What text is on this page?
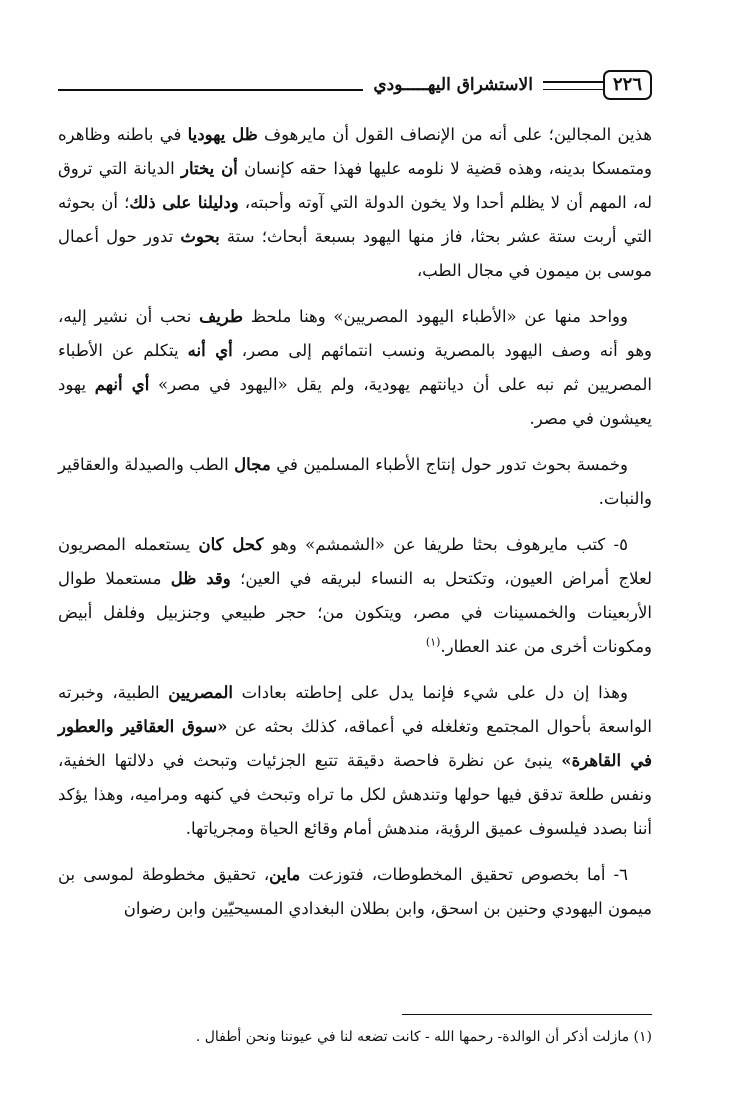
٢٢٦
الاستشراق اليهـــــودي

هذين المجالين؛ على أنه من الإنصاف القول أن مايرهوف ظل يهوديا في باطنه وظاهره ومتمسكا بدينه، وهذه قضية لا نلومه عليها فهذا حقه كإنسان أن يختار الديانة التي تروق له، المهم أن لا يظلم أحدا ولا يخون الدولة التي آوته وأحبته، ودليلنا على ذلك؛ أن بحوثه التي أربت ستة عشر بحثا، فاز منها اليهود بسبعة أبحاث؛ ستة بحوث تدور حول أعمال موسى بن ميمون في مجال الطب،

وواحد منها عن «الأطباء اليهود المصريين» وهنا ملحظ طريف نحب أن نشير إليه، وهو أنه وصف اليهود بالمصرية ونسب انتمائهم إلى مصر، أي أنه يتكلم عن الأطباء المصريين ثم نبه على أن ديانتهم يهودية، ولم يقل «اليهود في مصر» أي أنهم يهود يعيشون في مصر.

وخمسة بحوث تدور حول إنتاج الأطباء المسلمين في مجال الطب والصيدلة والعقاقير والنبات.

٥- كتب مايرهوف بحثا طريفا عن «الشمشم» وهو كحل كان يستعمله المصريون لعلاج أمراض العيون، وتكتحل به النساء لبريقه في العين؛ وقد ظل مستعملا طوال الأربعينات والخمسينات في مصر، ويتكون من؛ حجر طبيعي وجنزبيل وفلفل أبيض ومكونات أخرى من عند العطار.$^{(١)}$

وهذا إن دل على شيء فإنما يدل على إحاطته بعادات المصريين الطبية، وخبرته الواسعة بأحوال المجتمع وتغلغله في أعماقه، كذلك بحثه عن «سوق العقاقير والعطور في القاهرة» ينبئ عن نظرة فاحصة دقيقة تتبع الجزئيات وتبحث في دلالتها الخفية، ونفس طلعة تدقق فيها حولها وتندهش لكل ما تراه وتبحث في كنهه ومراميه، وهذا يؤكد أننا بصدد فيلسوف عميق الرؤية، مندهش أمام وقائع الحياة ومجرياتها.

٦- أما بخصوص تحقيق المخطوطات، فتوزعت ماين، تحقيق مخطوطة لموسى بن ميمون اليهودي وحنين بن اسحق، وابن بطلان البغدادي المسيحيّين وابن رضوان

(١) مازلت أذكر أن الوالدة- رحمها الله - كانت تضعه لنا في عيوننا ونحن أطفال .
